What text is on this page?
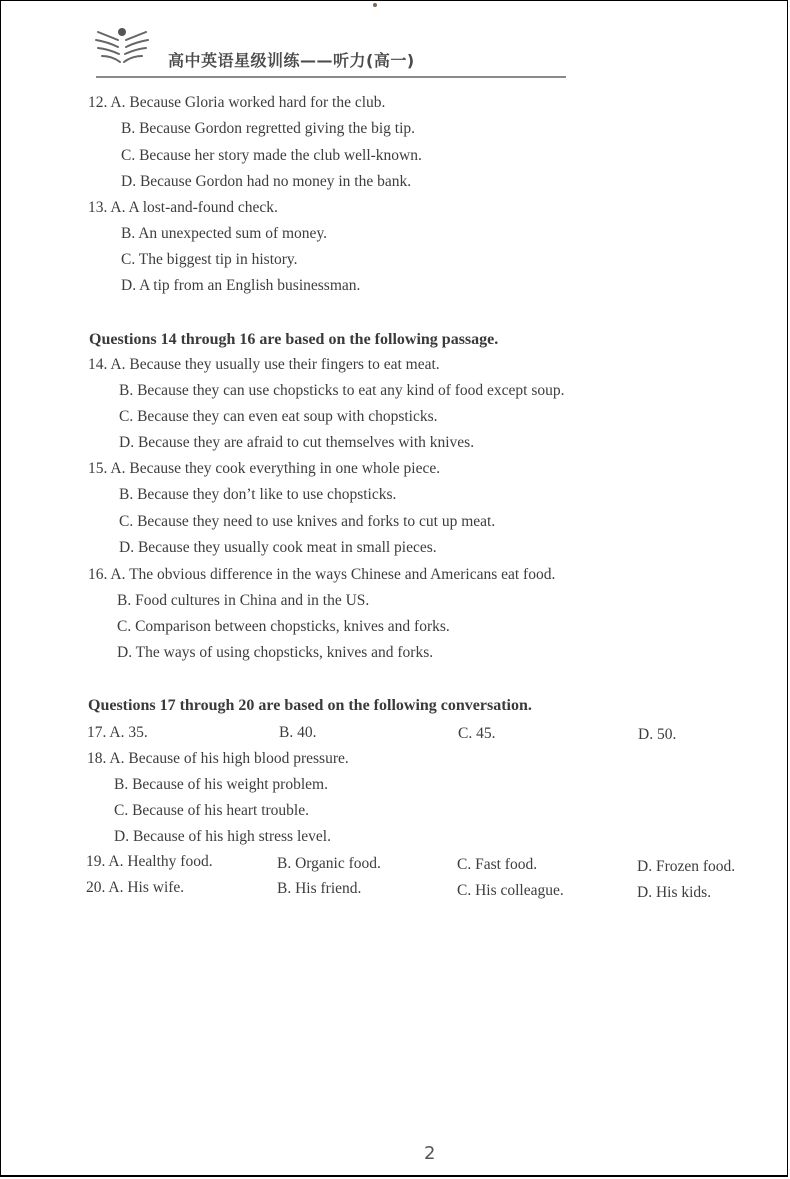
高中英语星级训练——听力(高一)
12. A. Because Gloria worked hard for the club.
B. Because Gordon regretted giving the big tip.
C. Because her story made the club well-known.
D. Because Gordon had no money in the bank.
13. A. A lost-and-found check.
B. An unexpected sum of money.
C. The biggest tip in history.
D. A tip from an English businessman.
Questions 14 through 16 are based on the following passage.
14. A. Because they usually use their fingers to eat meat.
B. Because they can use chopsticks to eat any kind of food except soup.
C. Because they can even eat soup with chopsticks.
D. Because they are afraid to cut themselves with knives.
15. A. Because they cook everything in one whole piece.
B. Because they don’t like to use chopsticks.
C. Because they need to use knives and forks to cut up meat.
D. Because they usually cook meat in small pieces.
16. A. The obvious difference in the ways Chinese and Americans eat food.
B. Food cultures in China and in the US.
C. Comparison between chopsticks, knives and forks.
D. The ways of using chopsticks, knives and forks.
Questions 17 through 20 are based on the following conversation.
17. A. 35.	B. 40.	C. 45.	D. 50.
18. A. Because of his high blood pressure.
B. Because of his weight problem.
C. Because of his heart trouble.
D. Because of his high stress level.
19. A. Healthy food.	B. Organic food.	C. Fast food.	D. Frozen food.
20. A. His wife.	B. His friend.	C. His colleague.	D. His kids.
2
